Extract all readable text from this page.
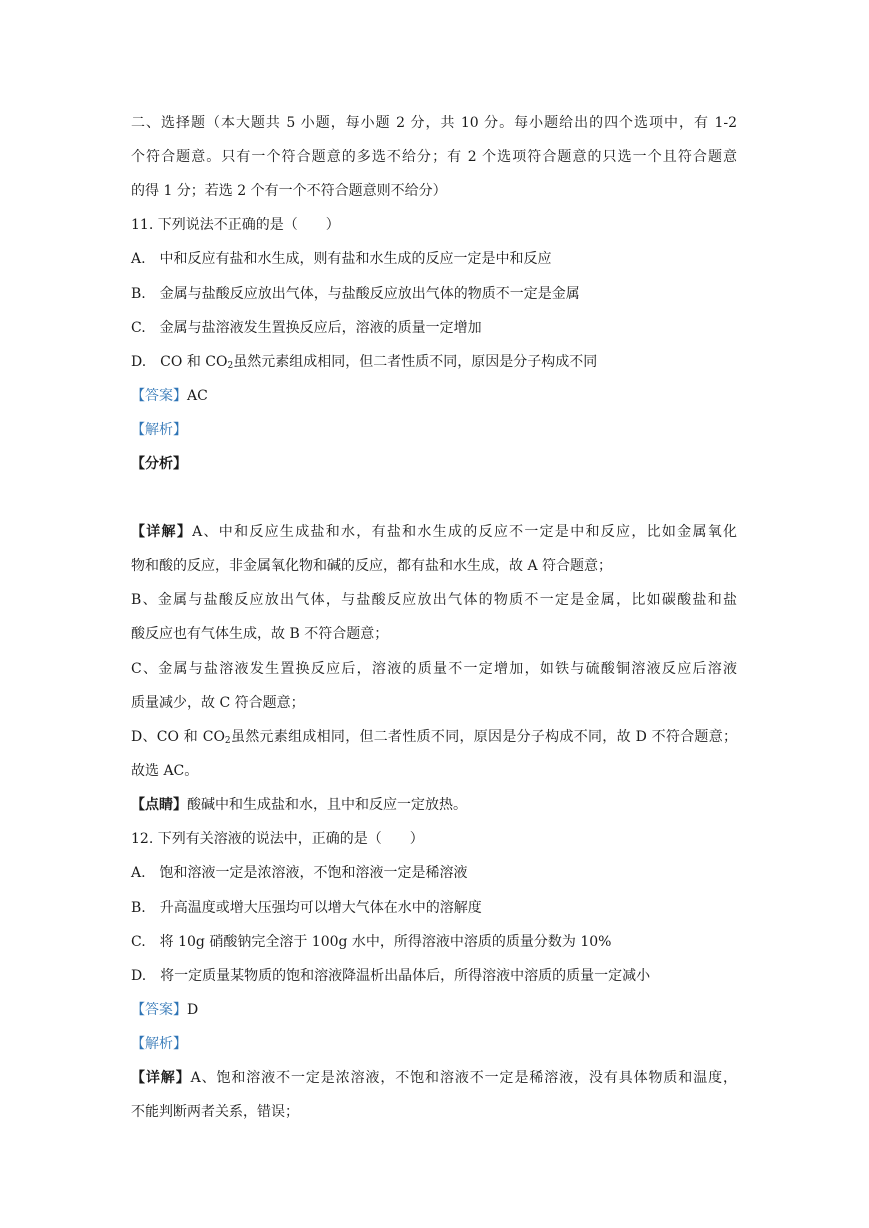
二、选择题（本大题共 5 小题，每小题 2 分，共 10 分。每小题给出的四个选项中，有 1-2
个符合题意。只有一个符合题意的多选不给分；有 2 个选项符合题意的只选一个且符合题意
的得 1 分；若选 2 个有一个不符合题意则不给分）
11. 下列说法不正确的是（　　）
A.　中和反应有盐和水生成，则有盐和水生成的反应一定是中和反应
B.　金属与盐酸反应放出气体，与盐酸反应放出气体的物质不一定是金属
C.　金属与盐溶液发生置换反应后，溶液的质量一定增加
D.　CO 和 $CO_2$虽然元素组成相同，但二者性质不同，原因是分子构成不同
【答案】AC
【解析】
【分析】
【详解】A、中和反应生成盐和水，有盐和水生成的反应不一定是中和反应，比如金属氧化
物和酸的反应，非金属氧化物和碱的反应，都有盐和水生成，故 A 符合题意；
B、金属与盐酸反应放出气体，与盐酸反应放出气体的物质不一定是金属，比如碳酸盐和盐
酸反应也有气体生成，故 B 不符合题意；
C、金属与盐溶液发生置换反应后，溶液的质量不一定增加，如铁与硫酸铜溶液反应后溶液
质量减少，故 C 符合题意；
D、CO 和 $CO_2$虽然元素组成相同，但二者性质不同，原因是分子构成不同，故 D 不符合题意；
故选 AC。
【点睛】酸碱中和生成盐和水，且中和反应一定放热。
12. 下列有关溶液的说法中，正确的是（　　）
A.　饱和溶液一定是浓溶液，不饱和溶液一定是稀溶液
B.　升高温度或增大压强均可以增大气体在水中的溶解度
C.　将 10g 硝酸钠完全溶于 100g 水中，所得溶液中溶质的质量分数为 10%
D.　将一定质量某物质的饱和溶液降温析出晶体后，所得溶液中溶质的质量一定减小
【答案】D
【解析】
【详解】A、饱和溶液不一定是浓溶液，不饱和溶液不一定是稀溶液，没有具体物质和温度，
不能判断两者关系，错误；
